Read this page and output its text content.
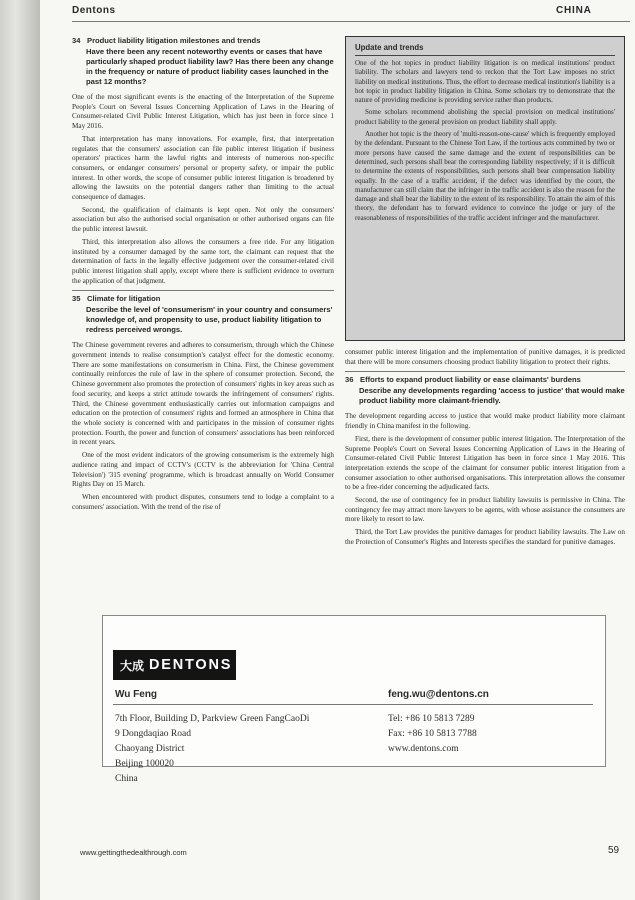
Dentons	CHINA
34 Product liability litigation milestones and trends
Have there been any recent noteworthy events or cases that have particularly shaped product liability law? Has there been any change in the frequency or nature of product liability cases launched in the past 12 months?

One of the most significant events is the enacting of the Interpretation of the Supreme People's Court on Several Issues Concerning Application of Laws in the Hearing of Consumer-related Civil Public Interest Litigation, which has just been in force since 1 May 2016.

That interpretation has many innovations. For example, first, that interpretation regulates that the consumers' association can file public interest litigation if business operators' practices harm the lawful rights and interests of numerous non-specific consumers, or endanger consumers' personal or property safety, or impair the public interest. In other words, the scope of consumer public interest litigation is broadened by allowing the lawsuits on the potential dangers rather than limiting to the actual consequence of damages.

Second, the qualification of claimants is kept open. Not only the consumers' association but also the authorised social organisation or other authorised organs can file the public interest lawsuit.

Third, this interpretation also allows the consumers a free ride. For any litigation instituted by a consumer damaged by the same tort, the claimant can request that the determination of facts in the legally effective judgement over the consumer-related civil public interest litigation shall apply, except where there is sufficient evidence to overturn the application of that judgment.

35 Climate for litigation
Describe the level of 'consumerism' in your country and consumers' knowledge of, and propensity to use, product liability litigation to redress perceived wrongs.

The Chinese government reveres and adheres to consumerism, through which the Chinese government intends to realise consumption's catalyst effect for the domestic economy. There are some manifestations on consumerism in China. First, the Chinese government continually reinforces the rule of law in the sphere of consumer protection. Second, the Chinese government also promotes the protection of consumers' rights in key areas such as food security, and keeps a strict attitude towards the infringement of consumers' rights. Third, the Chinese government enthusiastically carries out information campaigns and education on the protection of consumers' rights and formed an atmosphere in China that the whole society is concerned with and participates in the mission of consumer rights protection. Fourth, the power and function of consumers' associations has been reinforced in recent years.

One of the most evident indicators of the growing consumerism is the extremely high audience rating and impact of CCTV's (CCTV is the abbreviation for 'China Central Television') '315 evening' programme, which is broadcast annually on World Consumer Rights Day on 15 March.

When encountered with product disputes, consumers tend to lodge a complaint to a consumers' association. With the trend of the rise of

Update and trends

One of the hot topics in product liability litigation is on medical institutions' product liability. The scholars and lawyers tend to reckon that the Tort Law imposes no strict liability on medical institutions. Thus, the effort to decrease medical institution's liability is a hot topic in product liability litigation in China. Some scholars try to demonstrate that the nature of providing medicine is providing service rather than products.

Some scholars recommend abolishing the special provision on medical institutions' product liability to the general provision on product liability shall apply.

Another hot topic is the theory of 'multi-reason-one-cause' which is frequently employed by the defendant. Pursuant to the Chinese Tort Law, if the tortious acts committed by two or more persons have caused the same damage and the extent of responsibilities can be determined, such persons shall bear the corresponding liability respectively; if it is difficult to determine the extents of responsibilities, such persons shall bear compensation liability equally. In the case of a traffic accident, if the defect was identified by the court, the manufacturer can still claim that the infringer in the traffic accident is also the reason for the damage and shall bear the liability to the extent of its responsibility. To attain the aim of this theory, the defendant has to forward evidence to convince the judge or jury of the reasonableness of responsibilities of the traffic accident infringer and the manufacturer.

consumer public interest litigation and the implementation of punitive damages, it is predicted that there will be more consumers choosing product liability litigation to protect their rights.

36 Efforts to expand product liability or ease claimants' burdens
Describe any developments regarding 'access to justice' that would make product liability more claimant-friendly.

The development regarding access to justice that would make product liability more claimant friendly in China manifest in the following.

First, there is the development of consumer public interest litigation. The Interpretation of the Supreme People's Court on Several Issues Concerning Application of Laws in the Hearing of Consumer-related Civil Public Interest Litigation has been in force since 1 May 2016. This interpretation extends the scope of the claimant for consumer public interest litigation from a consumer association to other authorised organisations. This interpretation allows the consumer to be a free-rider concerning the adjudicated facts.

Second, the use of contingency fee in product liability lawsuits is permissive in China. The contingency fee may attract more lawyers to be agents, with whose assistance the consumers are more likely to resort to law.

Third, the Tort Law provides the punitive damages for product liability lawsuits. The Law on the Protection of Consumer's Rights and Interests specifies the standard for punitive damages.

大成 DENTONS
Wu Feng	feng.wu@dentons.cn
7th Floor, Building D, Parkview Green FangCaoDi
9 Dongdaqiao Road
Chaoyang District
Beijing 100020
China
Tel: +86 10 5813 7289
Fax: +86 10 5813 7788
www.dentons.com
www.gettingthedealthrough.com	59
